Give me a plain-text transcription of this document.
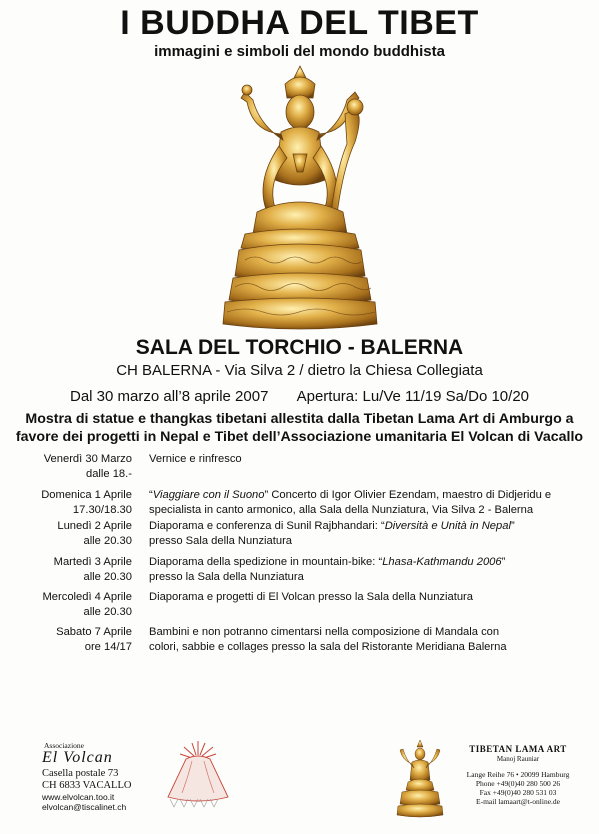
I BUDDHA DEL TIBET
immagini e simboli del mondo buddhista
SALA DEL TORCHIO - BALERNA
CH BALERNA - Via Silva 2 / dietro la Chiesa Collegiata
Dal 30 marzo all’8 aprile 2007 Apertura: Lu/Ve 11/19 Sa/Do 10/20
Mostra di statue e thangkas tibetani allestita dalla Tibetan Lama Art di Amburgo a favore dei progetti in Nepal e Tibet dell’Associazione umanitaria El Volcan di Vacallo
Venerdì 30 Marzo
dalle 18.-
Vernice e rinfresco
Domenica 1 Aprile
17.30/18.30
“Viaggiare con il Suono” Concerto di Igor Olivier Ezendam, maestro di Didjeridu e
specialista in canto armonico, alla Sala della Nunziatura, Via Silva 2 - Balerna
Lunedì 2 Aprile
alle 20.30
Diaporama e conferenza di Sunil Rajbhandari: “Diversità e Unità in Nepal”
presso Sala della Nunziatura
Martedì 3 Aprile
alle 20.30
Diaporama della spedizione in mountain-bike: “Lhasa-Kathmandu 2006”
presso la Sala della Nunziatura
Mercoledì 4 Aprile
alle 20.30
Diaporama e progetti di El Volcan presso la Sala della Nunziatura
Sabato 7 Aprile
ore 14/17
Bambini e non potranno cimentarsi nella composizione di Mandala con
colori, sabbie e collages presso la sala del Ristorante Meridiana Balerna
Associazione
El Volcan
Casella postale 73
CH 6833 VACALLO
www.elvolcan.too.it
elvolcan@tiscalinet.ch
TIBETAN LAMA ART
Manoj Rauniar
Lange Reihe 76 • 20099 Hamburg
Phone +49(0)40 280 500 26
Fax +49(0)40 280 531 03
E-mail lamaart@t-online.de
